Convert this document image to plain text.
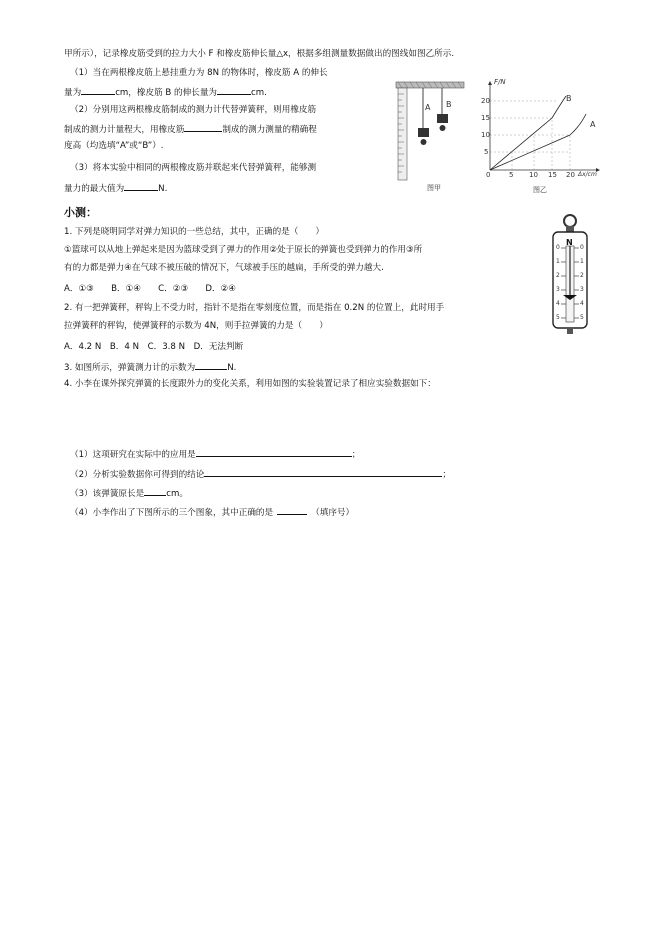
甲所示），记录橡皮筋受到的拉力大小 F 和橡皮筋伸长量△x，根据多组测量数据做出的图线如图乙所示.
（1）当在两根橡皮筋上悬挂重力为 8N 的物体时，橡皮筋 A 的伸长
量为	cm，橡皮筋 B 的伸长量为	cm.
（2）分别用这两根橡皮筋制成的测力计代替弹簧秤，则用橡皮筋
制成的测力计量程大，用橡皮筋	制成的测力测量的精确程
度高（均选填“A”或“B”）.
（3）将本实验中相同的两根橡皮筋并联起来代替弹簧秤，能够测
量力的最大值为	N.
A B
图甲
F/N
20
15
10
5
0	5 10 15 20 Δx/cm
B
A
图乙
小测：
1. 下列是晓明同学对弹力知识的一些总结，其中，正确的是（　　）
①篮球可以从地上弹起来是因为篮球受到了弹力的作用②处于原长的弹簧也受到弹力的作用③所
有的力都是弹力④在气球不被压破的情况下，气球被手压的越扁，手所受的弹力越大.
A．①③　　B．①④　　C．②③　　D．②④
2. 有一把弹簧秤，秤钩上不受力时，指针不是指在零刻度位置，而是指在 0.2N 的位置上，此时用手
拉弹簧秤的秤钩，使弹簧秤的示数为 4N，则手拉弹簧的力是（　　）
A．4.2 N　B．4 N　C．3.8 N　D．无法判断
3. 如图所示，弹簧测力计的示数为	N.
4. 小李在课外探究弹簧的长度跟外力的变化关系，利用如图的实验装置记录了相应实验数据如下：
（1）这项研究在实际中的应用是	；
（2）分析实验数据你可得到的结论	；
（3）该弹簧原长是	cm。
（4）小李作出了下图所示的三个图象，其中正确的是	（填序号）
N
0
1
2
3
4
5
0
1
2
3
4
5
